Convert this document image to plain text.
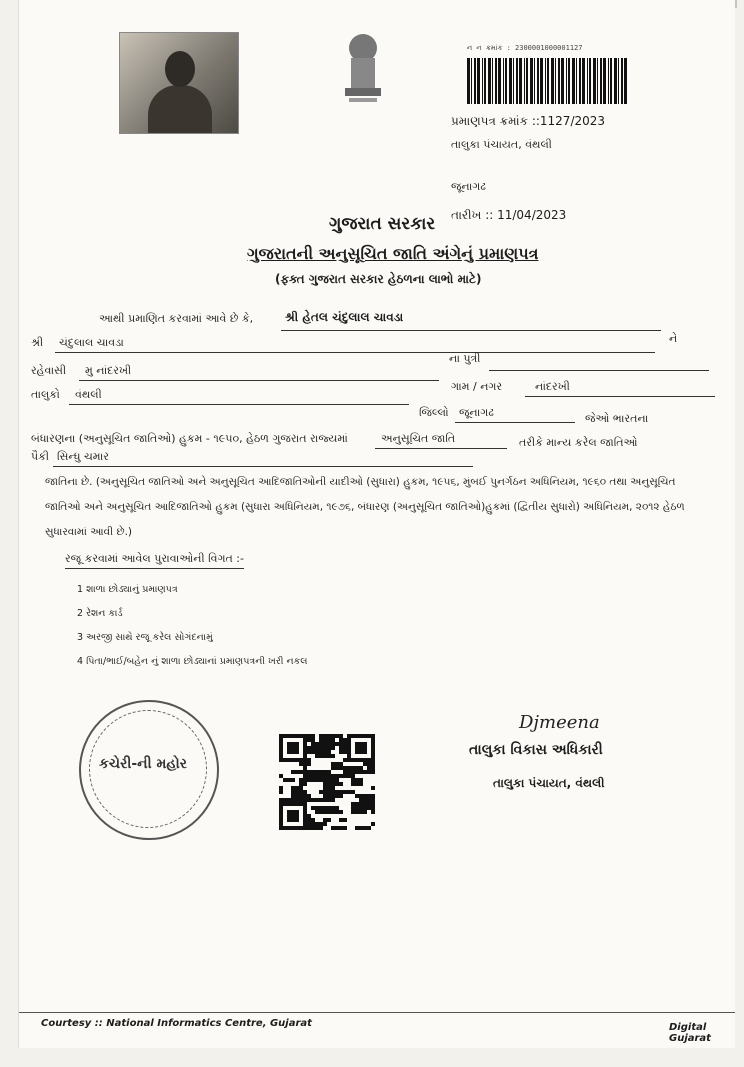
ન ન ક્રમાંક : 2300001000001127
પ્રમાણપત્ર ક્રમાંક ::1127/2023
તાલુકા પંચાયત, વંથલી
જૂનાગઢ
તારીખ :: 11/04/2023
ગુજરાત સરકાર
ગુજરાતની અનુસૂચિત જાતિ અંગેનું પ્રમાણપત્ર
(ફક્ત ગુજરાત સરકાર હેઠળના લાભો માટે)
આથી પ્રમાણિત કરવામાં આવે છે કે,	શ્રી હેતલ ચંદુલાલ ચાવડા
ને
શ્રી ચંદુલાલ ચાવડા
ના પુત્રી
રહેવાસી મુ નાંદરખી
ગામ / નગર	નાંદરખી
તાલુકો વંથલી
જિલ્લો જૂનાગઢ	જેઓ ભારતના
બંધારણના (અનુસૂચિત જાતિઓ) હુકમ - ૧૯૫૦, હેઠળ ગુજરાત રાજ્યમાં	અનુસૂચિત જાતિ	તરીકે માન્ય કરેલ જાતિઓ
પૈકી સિન્ધુ ચમાર
જાતિના છે. (અનુસૂચિત જાતિઓ અને અનુસૂચિત આદિજાતિઓની યાદીઓ (સુધારા) હુકમ, ૧૯૫૬, મુંબઈ પુનર્ગઠન અધિનિયમ, ૧૯૬૦ તથા અનુસૂચિત જાતિઓ અને અનુસૂચિત આદિજાતિઓ હુકમ (સુધારા અધિનિયમ, ૧૯૭૬, બંધારણ (અનુસૂચિત જાતિઓ)હુકમાં (દ્વિતીય સુધારો) અધિનિયમ, ૨૦૧૨ હેઠળ સુધારવામાં આવી છે.)
રજૂ કરવામાં આવેલ પુરાવાઓની વિગત :-
1 શાળા છોડ્યાનું પ્રમાણપત્ર
2 રેશન કાર્ડ
3 અરજી સાથે રજૂ કરેલ સોગંદનામું
4 પિતા/ભાઈ/બહેન નું શાળા છોડ્યાનાં પ્રમાણપત્રની ખરી નકલ
કચેરી-ની મહોર
Djmeena
તાલુકા વિકાસ અધિકારી
તાલુકા પંચાયત, વંથલી
Courtesy :: National Informatics Centre, Gujarat	Digital Gujarat
